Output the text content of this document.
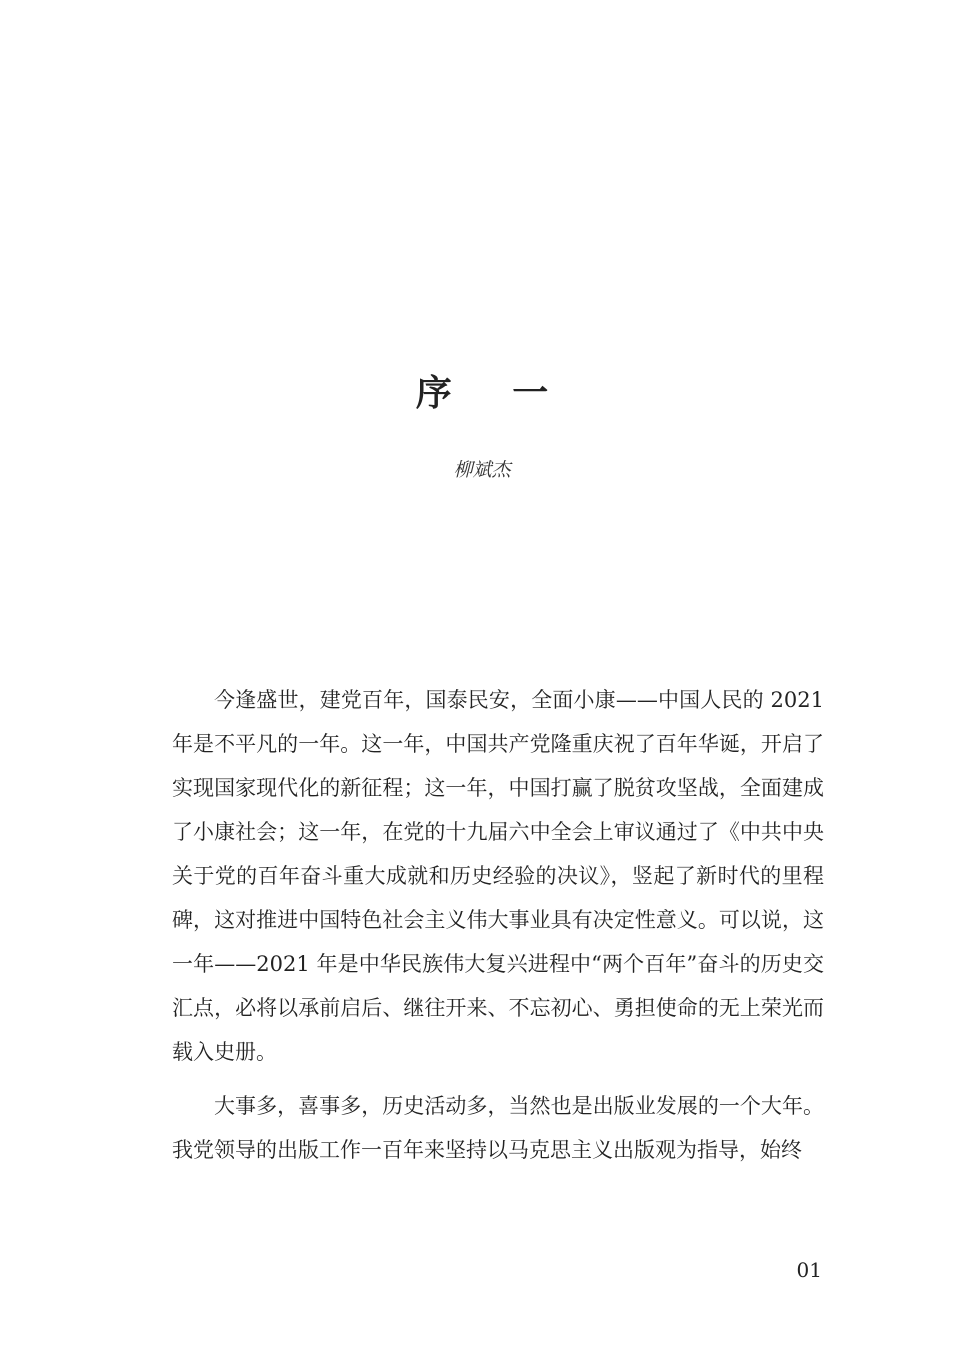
序 一
柳斌杰

今逢盛世，建党百年，国泰民安，全面小康——中国人民的 2021 年是不平凡的一年。这一年，中国共产党隆重庆祝了百年华诞，开启了实现国家现代化的新征程；这一年，中国打赢了脱贫攻坚战，全面建成了小康社会；这一年，在党的十九届六中全会上审议通过了《中共中央关于党的百年奋斗重大成就和历史经验的决议》，竖起了新时代的里程碑，这对推进中国特色社会主义伟大事业具有决定性意义。可以说，这一年——2021 年是中华民族伟大复兴进程中“两个百年”奋斗的历史交汇点，必将以承前启后、继往开来、不忘初心、勇担使命的无上荣光而载入史册。

大事多，喜事多，历史活动多，当然也是出版业发展的一个大年。我党领导的出版工作一百年来坚持以马克思主义出版观为指导，始终

01
